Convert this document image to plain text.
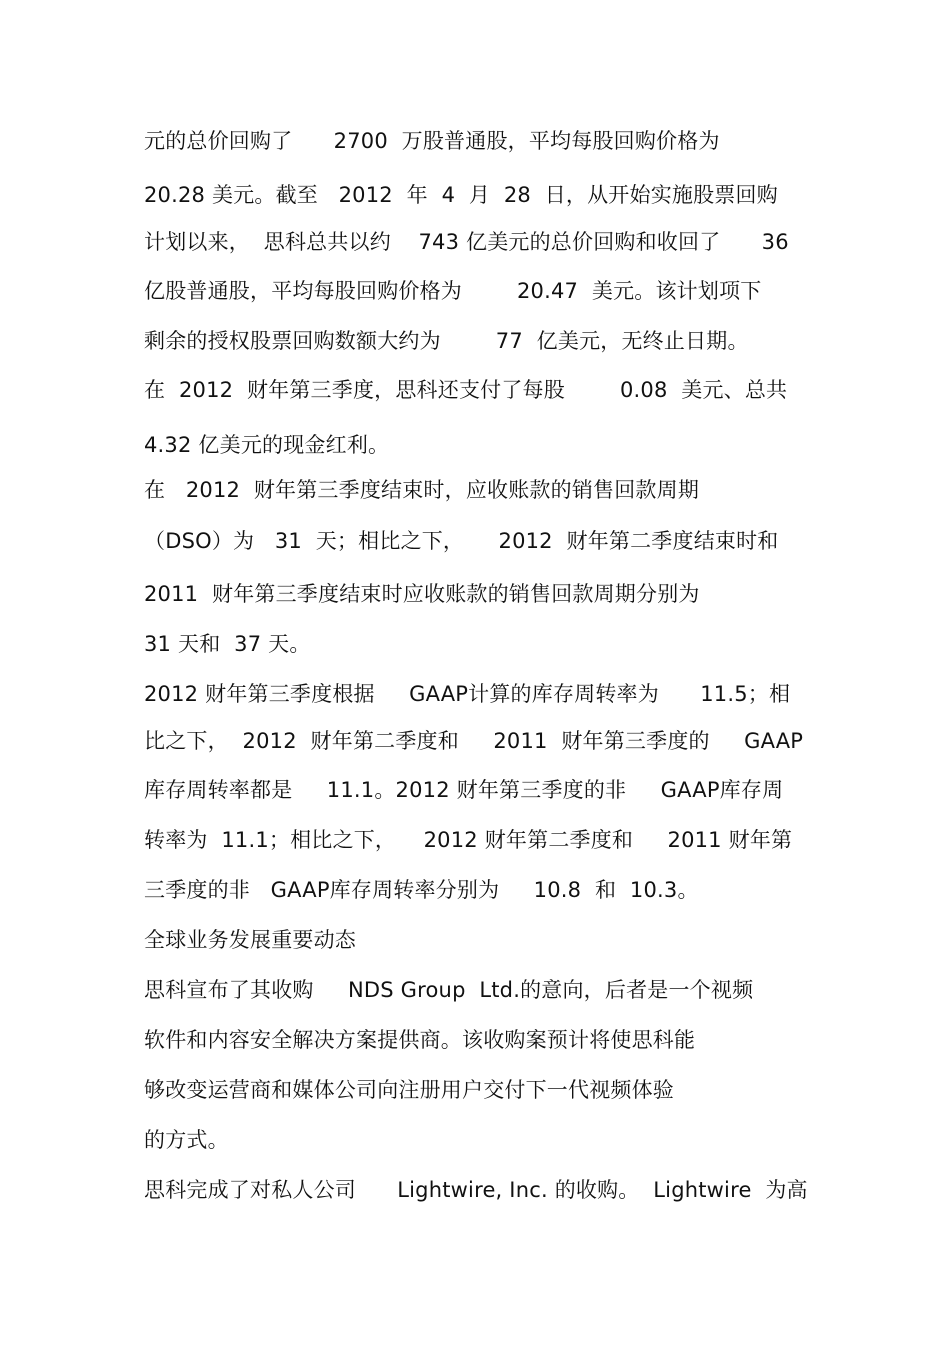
元的总价回购了      2700  万股普通股，平均每股回购价格为
20.28 美元。截至   2012  年  4  月  28  日，从开始实施股票回购
计划以来，  思科总共以约    743 亿美元的总价回购和收回了      36
亿股普通股，平均每股回购价格为        20.47  美元。该计划项下
剩余的授权股票回购数额大约为        77  亿美元，无终止日期。
在  2012  财年第三季度，思科还支付了每股        0.08  美元、总共
4.32 亿美元的现金红利。
在   2012  财年第三季度结束时，应收账款的销售回款周期
（DSO）为   31  天；相比之下，     2012  财年第二季度结束时和
2011  财年第三季度结束时应收账款的销售回款周期分别为
31 天和  37 天。
2012 财年第三季度根据     GAAP计算的库存周转率为      11.5；相
比之下，  2012  财年第二季度和     2011  财年第三季度的     GAAP
库存周转率都是     11.1。2012 财年第三季度的非     GAAP库存周
转率为  11.1；相比之下，    2012 财年第二季度和     2011 财年第
三季度的非   GAAP库存周转率分别为     10.8  和  10.3。
全球业务发展重要动态
思科宣布了其收购     NDS Group  Ltd.的意向，后者是一个视频
软件和内容安全解决方案提供商。该收购案预计将使思科能
够改变运营商和媒体公司向注册用户交付下一代视频体验
的方式。
思科完成了对私人公司      Lightwire, Inc. 的收购。  Lightwire  为高
